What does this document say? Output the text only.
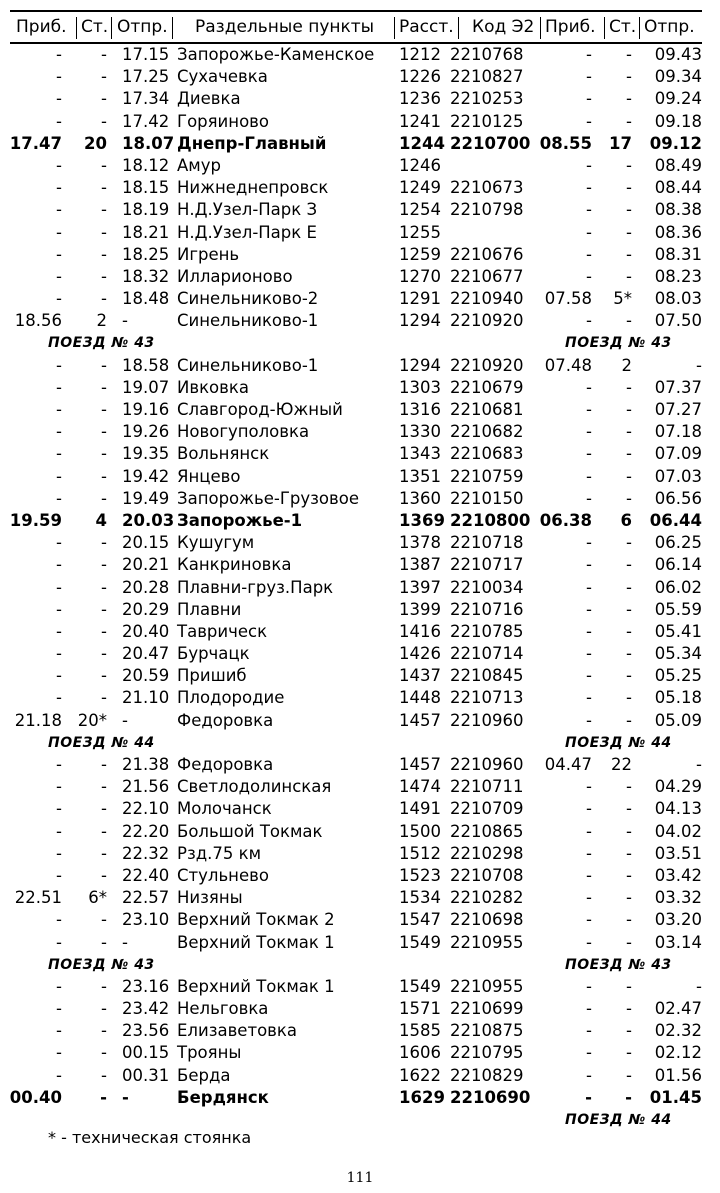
Приб. Ст. Отпр. Раздельные пункты Расст. Код Э2 Приб. Ст. Отпр.
- - 17.15 Запорожье-Каменское 1212 2210768	- - 09.43
- - 17.25 Сухачевка	1226 2210827	- - 09.34
- - 17.34 Диевка	1236 2210253	- - 09.24
- - 17.42 Горяиново	1241 2210125	- - 09.18
17.47 20 18.07 Днепр-Главный	1244 2210700 08.55 17 09.12
- - 18.12 Амур	1246	- - 08.49
- - 18.15 Нижнеднепровск	1249 2210673	- - 08.44
- - 18.19 Н.Д.Узел-Парк З	1254 2210798	- - 08.38
- - 18.21 Н.Д.Узел-Парк Е	1255	- - 08.36
- - 18.25 Игрень	1259 2210676	- - 08.31
- - 18.32 Илларионово	1270 2210677	- - 08.23
- - 18.48 Синельниково-2	1291 2210940 07.58 5* 08.03
18.56 2 -	Синельниково-1	1294 2210920	- - 07.50
ПОЕЗД № 43	ПОЕЗД № 43
- - 18.58 Синельниково-1	1294 2210920 07.48 2	-
- - 19.07 Ивковка	1303 2210679	- - 07.37
- - 19.16 Славгород-Южный	1316 2210681	- - 07.27
- - 19.26 Новогуполовка	1330 2210682	- - 07.18
- - 19.35 Вольнянск	1343 2210683	- - 07.09
- - 19.42 Янцево	1351 2210759	- - 07.03
- - 19.49 Запорожье-Грузовое 1360 2210150	- - 06.56
19.59 4 20.03 Запорожье-1	1369 2210800 06.38 6 06.44
- - 20.15 Кушугум	1378 2210718	- - 06.25
- - 20.21 Канкриновка	1387 2210717	- - 06.14
- - 20.28 Плавни-груз.Парк	1397 2210034	- - 06.02
- - 20.29 Плавни	1399 2210716	- - 05.59
- - 20.40 Тавричеcк	1416 2210785	- - 05.41
- - 20.47 Бурчацк	1426 2210714	- - 05.34
- - 20.59 Пришиб	1437 2210845	- - 05.25
- - 21.10 Плодородие	1448 2210713	- - 05.18
21.18 20* -	Федоровка	1457 2210960	- - 05.09
ПОЕЗД № 44	ПОЕЗД № 44
- - 21.38 Федоровка	1457 2210960 04.47 22	-
- - 21.56 Светлодолинская	1474 2210711	- - 04.29
- - 22.10 Молочанск	1491 2210709	- - 04.13
- - 22.20 Большой Токмак	1500 2210865	- - 04.02
- - 22.32 Рзд.75 км	1512 2210298	- - 03.51
- - 22.40 Стульнево	1523 2210708	- - 03.42
22.51 6* 22.57 Низяны	1534 2210282	- - 03.32
- - 23.10 Верхний Токмак 2	1547 2210698	- - 03.20
- - -	Верхний Токмак 1	1549 2210955	- - 03.14
ПОЕЗД № 43	ПОЕЗД № 43
- - 23.16 Верхний Токмак 1	1549 2210955	- -	-
- - 23.42 Нельговка	1571 2210699	- - 02.47
- - 23.56 Елизаветовка	1585 2210875	- - 02.32
- - 00.15 Трояны	1606 2210795	- - 02.12
- - 00.31 Берда	1622 2210829	- - 01.56
00.40 - -	Бердянск	1629 2210690	- - 01.45
ПОЕЗД № 44
* - техническая стоянка
111
